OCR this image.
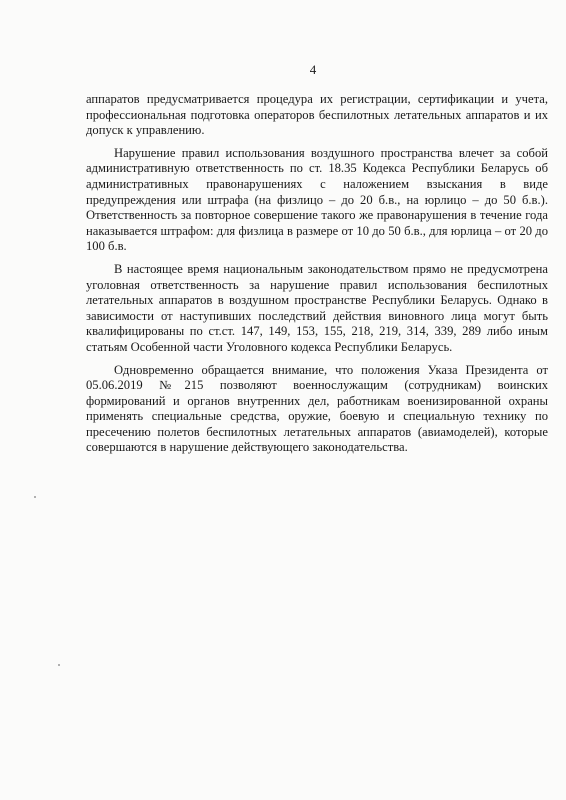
4

аппаратов предусматривается процедура их регистрации, сертификации и учета, профессиональная подготовка операторов беспилотных летательных аппаратов и их допуск к управлению.

Нарушение правил использования воздушного пространства влечет за собой административную ответственность по ст. 18.35 Кодекса Республики Беларусь об административных правонарушениях с наложением взыскания в виде предупреждения или штрафа (на физлицо – до 20 б.в., на юрлицо – до 50 б.в.). Ответственность за повторное совершение такого же правонарушения в течение года наказывается штрафом: для физлица в размере от 10 до 50 б.в., для юрлица – от 20 до 100 б.в.

В настоящее время национальным законодательством прямо не предусмотрена уголовная ответственность за нарушение правил использования беспилотных летательных аппаратов в воздушном пространстве Республики Беларусь. Однако в зависимости от наступивших последствий действия виновного лица могут быть квалифицированы по ст.ст. 147, 149, 153, 155, 218, 219, 314, 339, 289 либо иным статьям Особенной части Уголовного кодекса Республики Беларусь.

Одновременно обращается внимание, что положения Указа Президента от 05.06.2019 №215 позволяют военнослужащим (сотрудникам) воинских формирований и органов внутренних дел, работникам военизированной охраны применять специальные средства, оружие, боевую и специальную технику по пресечению полетов беспилотных летательных аппаратов (авиамоделей), которые совершаются в нарушение действующего законодательства.
